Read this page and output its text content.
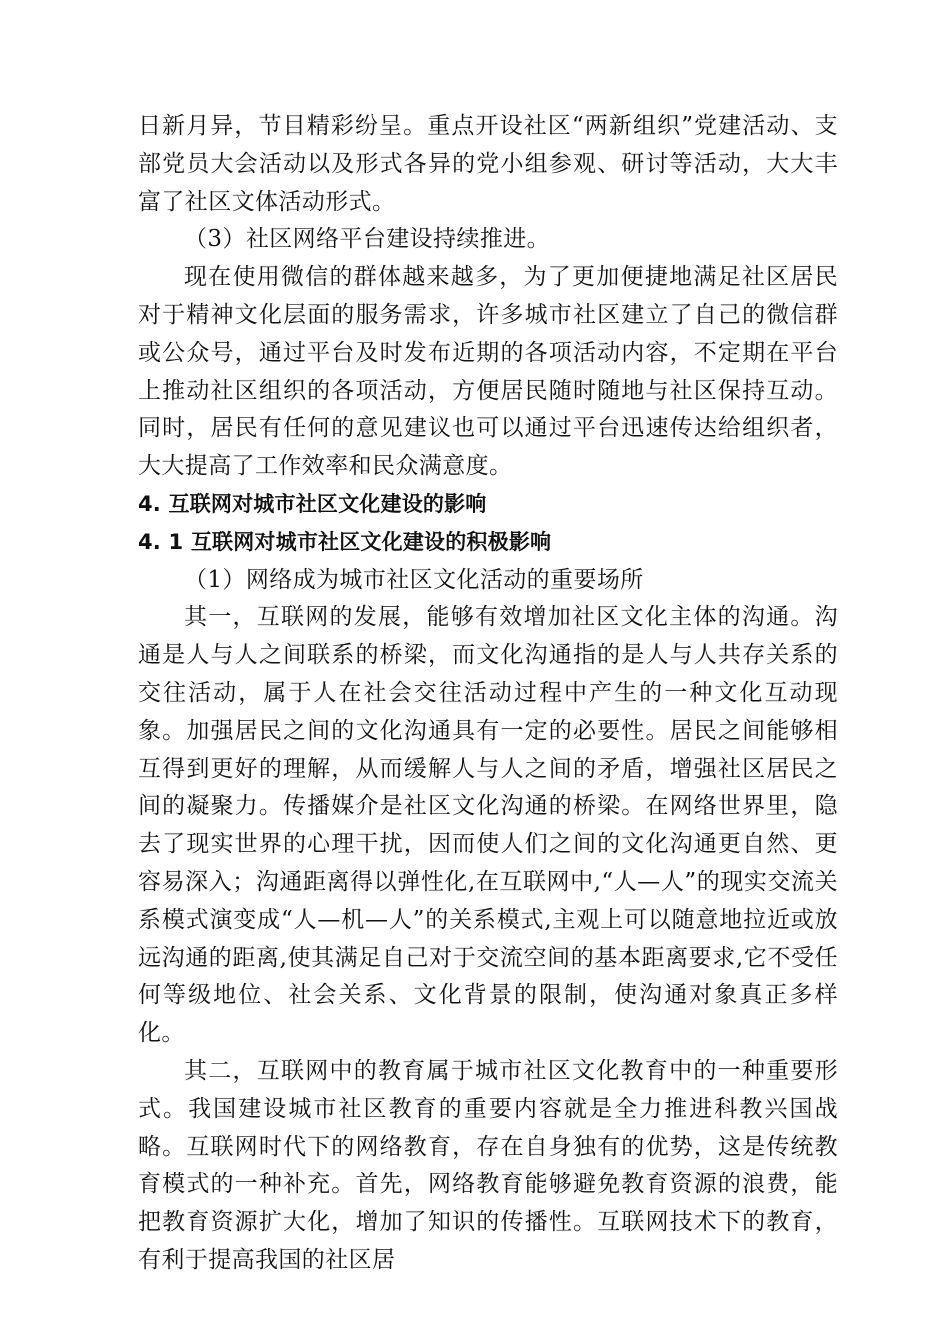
日新月异，节目精彩纷呈。重点开设社区“两新组织”党建活动、支部党员大会活动以及形式各异的党小组参观、研讨等活动，大大丰富了社区文体活动形式。

（3）社区网络平台建设持续推进。

现在使用微信的群体越来越多，为了更加便捷地满足社区居民对于精神文化层面的服务需求，许多城市社区建立了自己的微信群或公众号，通过平台及时发布近期的各项活动内容，不定期在平台上推动社区组织的各项活动，方便居民随时随地与社区保持互动。同时，居民有任何的意见建议也可以通过平台迅速传达给组织者，大大提高了工作效率和民众满意度。

4. 互联网对城市社区文化建设的影响
4. 1 互联网对城市社区文化建设的积极影响

（1）网络成为城市社区文化活动的重要场所

其一，互联网的发展，能够有效增加社区文化主体的沟通。沟通是人与人之间联系的桥梁，而文化沟通指的是人与人共存关系的交往活动，属于人在社会交往活动过程中产生的一种文化互动现象。加强居民之间的文化沟通具有一定的必要性。居民之间能够相互得到更好的理解，从而缓解人与人之间的矛盾，增强社区居民之间的凝聚力。传播媒介是社区文化沟通的桥梁。在网络世界里，隐去了现实世界的心理干扰，因而使人们之间的文化沟通更自然、更容易深入；沟通距离得以弹性化,在互联网中,“人—人”的现实交流关系模式演变成“人—机—人”的关系模式,主观上可以随意地拉近或放远沟通的距离,使其满足自己对于交流空间的基本距离要求,它不受任何等级地位、社会关系、文化背景的限制，使沟通对象真正多样化。

其二，互联网中的教育属于城市社区文化教育中的一种重要形式。我国建设城市社区教育的重要内容就是全力推进科教兴国战略。互联网时代下的网络教育，存在自身独有的优势，这是传统教育模式的一种补充。首先，网络教育能够避免教育资源的浪费，能把教育资源扩大化，增加了知识的传播性。互联网技术下的教育，有利于提高我国的社区居
